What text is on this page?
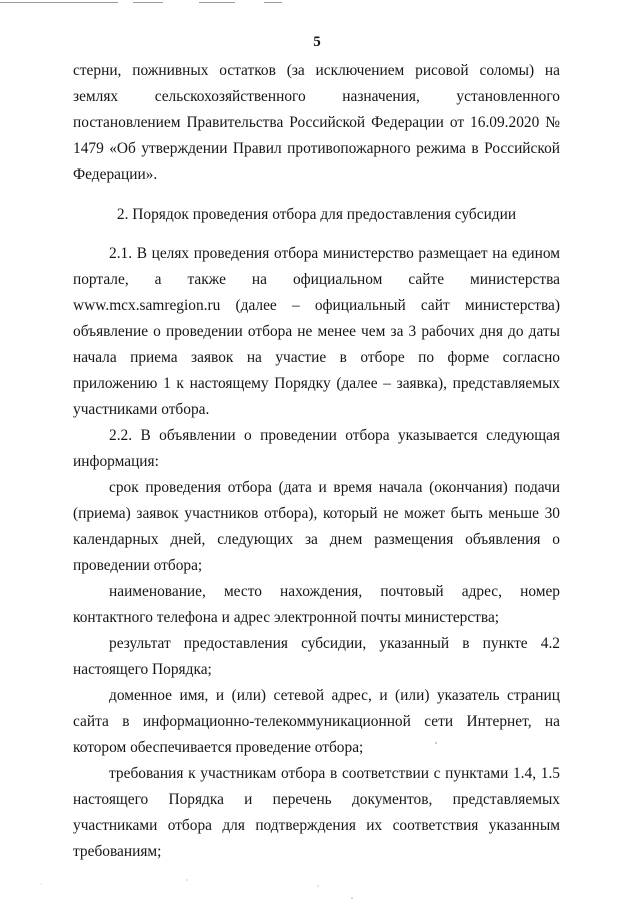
5

стерни, пожнивных остатков (за исключением рисовой соломы) на землях сельскохозяйственного назначения, установленного постановлением Правительства Российской Федерации от 16.09.2020 № 1479 «Об утверждении Правил противопожарного режима в Российской Федерации».

2. Порядок проведения отбора для предоставления субсидии

2.1. В целях проведения отбора министерство размещает на едином портале, а также на официальном сайте министерства www.mcx.samregion.ru (далее – официальный сайт министерства) объявление о проведении отбора не менее чем за 3 рабочих дня до даты начала приема заявок на участие в отборе по форме согласно приложению 1 к настоящему Порядку (далее – заявка), представляемых участниками отбора.

2.2. В объявлении о проведении отбора указывается следующая информация:

срок проведения отбора (дата и время начала (окончания) подачи (приема) заявок участников отбора), который не может быть меньше 30 календарных дней, следующих за днем размещения объявления о проведении отбора;

наименование, место нахождения, почтовый адрес, номер контактного телефона и адрес электронной почты министерства;

результат предоставления субсидии, указанный в пункте 4.2 настоящего Порядка;

доменное имя, и (или) сетевой адрес, и (или) указатель страниц сайта в информационно-телекоммуникационной сети Интернет, на котором обеспечивается проведение отбора;

требования к участникам отбора в соответствии с пунктами 1.4, 1.5 настоящего Порядка и перечень документов, представляемых участниками отбора для подтверждения их соответствия указанным требованиям;
